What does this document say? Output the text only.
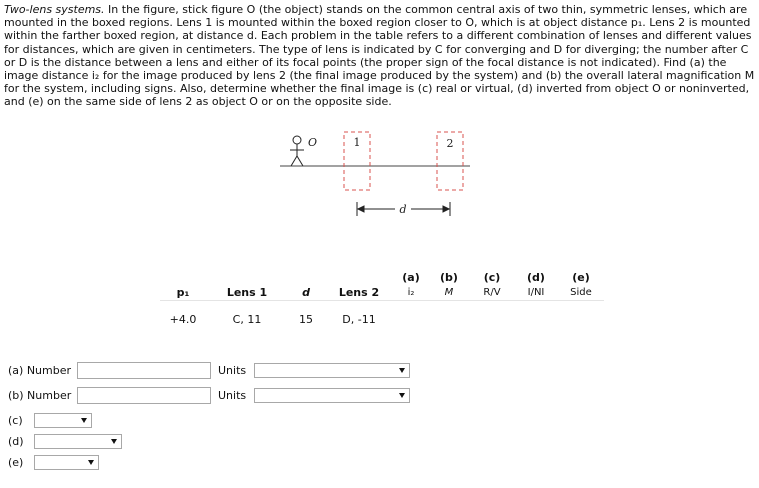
Two-lens systems. In the figure, stick figure O (the object) stands on the common central axis of two thin, symmetric lenses, which are mounted in the boxed regions. Lens 1 is mounted within the boxed region closer to O, which is at object distance p₁. Lens 2 is mounted within the farther boxed region, at distance d. Each problem in the table refers to a different combination of lenses and different values for distances, which are given in centimeters. The type of lens is indicated by C for converging and D for diverging; the number after C or D is the distance between a lens and either of its focal points (the proper sign of the focal distance is not indicated). Find (a) the image distance i₂ for the image produced by lens 2 (the final image produced by the system) and (b) the overall lateral magnification M for the system, including signs. Also, determine whether the final image is (c) real or virtual, (d) inverted from object O or noninverted, and (e) on the same side of lens 2 as object O or on the opposite side.
O	1	2
d
				(a)	(b)	(c)	(d)	(e)
p₁	Lens 1	d	Lens 2	i₂	M	R/V	I/NI	Side
+4.0	C, 11	15	D, -11					
(a) Number	Units
(b) Number	Units
(c)
(d)
(e)
